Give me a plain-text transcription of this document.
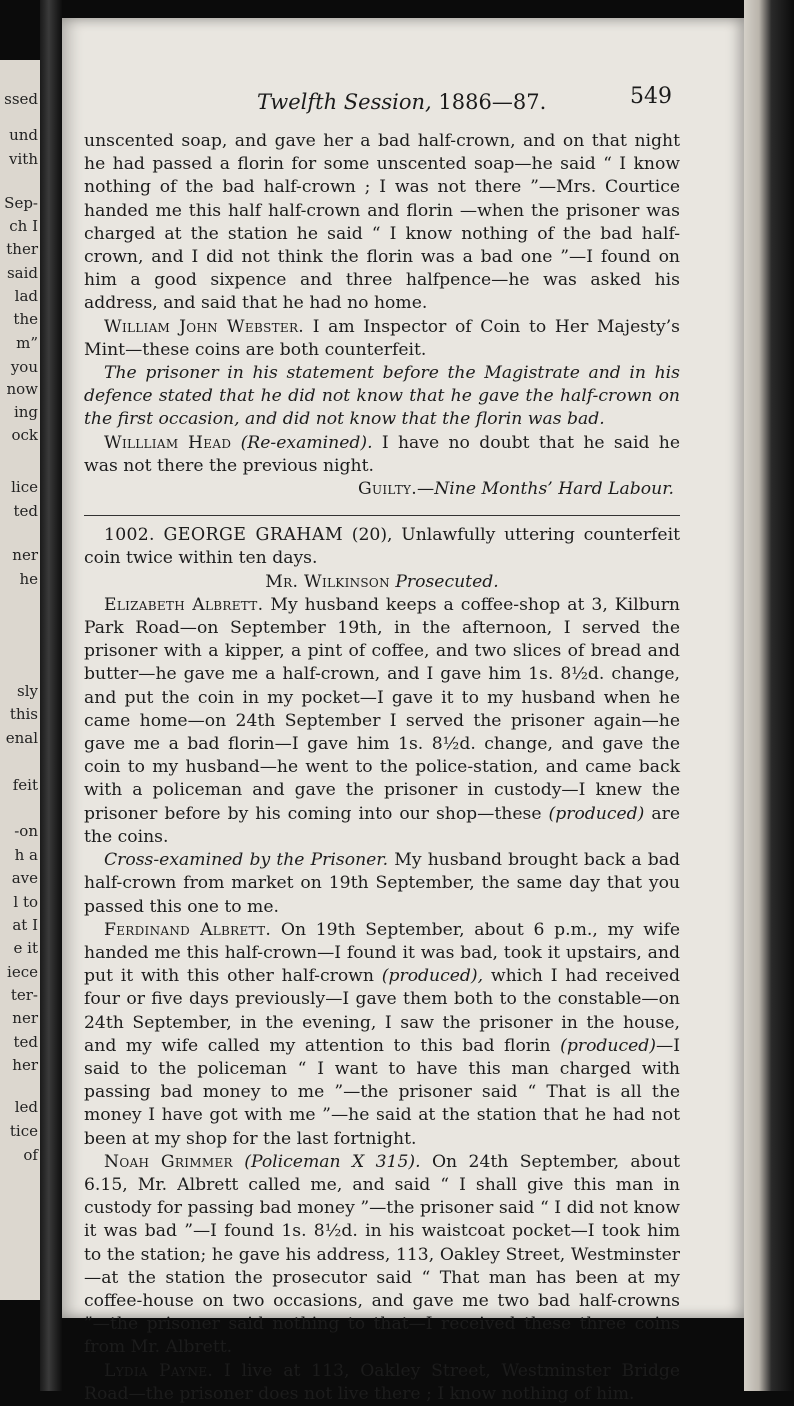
ssed
und
vith
Sep-
ch I
ther
said
lad
the
m”
you
now
ing
ock
lice
ted
ner
he
sly
this
enal
feit
-on
h a
ave
l to
at I
e it
iece
ter-
ner
ted
her
led
tice
of
Twelfth Session, 1886—87.	549

unscented soap, and gave her a bad half-crown, and on that night he had passed a florin for some unscented soap—he said “ I know nothing of the bad half-crown ; I was not there ”—Mrs. Courtice handed me this half half-crown and florin —when the prisoner was charged at the station he said “ I know nothing of the bad half-crown, and I did not think the florin was a bad one ”—I found on him a good sixpence and three halfpence—he was asked his address, and said that he had no home.

William John Webster. I am Inspector of Coin to Her Majesty’s Mint—these coins are both counterfeit.

The prisoner in his statement before the Magistrate and in his defence stated that he did not know that he gave the half-crown on the first occasion, and did not know that the florin was bad.

Willliam Head (Re-examined). I have no doubt that he said he was not there the previous night.

Guilty.—Nine Months’ Hard Labour.

1002. GEORGE GRAHAM (20), Unlawfully uttering counterfeit coin twice within ten days.

Mr. Wilkinson Prosecuted.

Elizabeth Albrett. My husband keeps a coffee-shop at 3, Kilburn Park Road—on September 19th, in the afternoon, I served the prisoner with a kipper, a pint of coffee, and two slices of bread and butter—he gave me a half-crown, and I gave him 1s. 8½d. change, and put the coin in my pocket—I gave it to my husband when he came home—on 24th September I served the prisoner again—he gave me a bad florin—I gave him 1s. 8½d. change, and gave the coin to my husband—he went to the police-station, and came back with a policeman and gave the prisoner in custody—I knew the prisoner before by his coming into our shop—these (produced) are the coins.

Cross-examined by the Prisoner. My husband brought back a bad half-crown from market on 19th September, the same day that you passed this one to me.

Ferdinand Albrett. On 19th September, about 6 p.m., my wife handed me this half-crown—I found it was bad, took it upstairs, and put it with this other half-crown (produced), which I had received four or five days previously—I gave them both to the constable—on 24th September, in the evening, I saw the prisoner in the house, and my wife called my attention to this bad florin (produced)—I said to the policeman “ I want to have this man charged with passing bad money to me ”—the prisoner said “ That is all the money I have got with me ”—he said at the station that he had not been at my shop for the last fortnight.

Noah Grimmer (Policeman X 315). On 24th September, about 6.15, Mr. Albrett called me, and said “ I shall give this man in custody for passing bad money ”—the prisoner said “ I did not know it was bad ”—I found 1s. 8½d. in his waistcoat pocket—I took him to the station; he gave his address, 113, Oakley Street, Westminster—at the station the prosecutor said “ That man has been at my coffee-house on two occasions, and gave me two bad half-crowns ”—the prisoner said nothing to that—I received these three coins from Mr. Albrett.

Lydia Payne. I live at 113, Oakley Street, Westminster Bridge Road—the prisoner does not live there ; I know nothing of him.
